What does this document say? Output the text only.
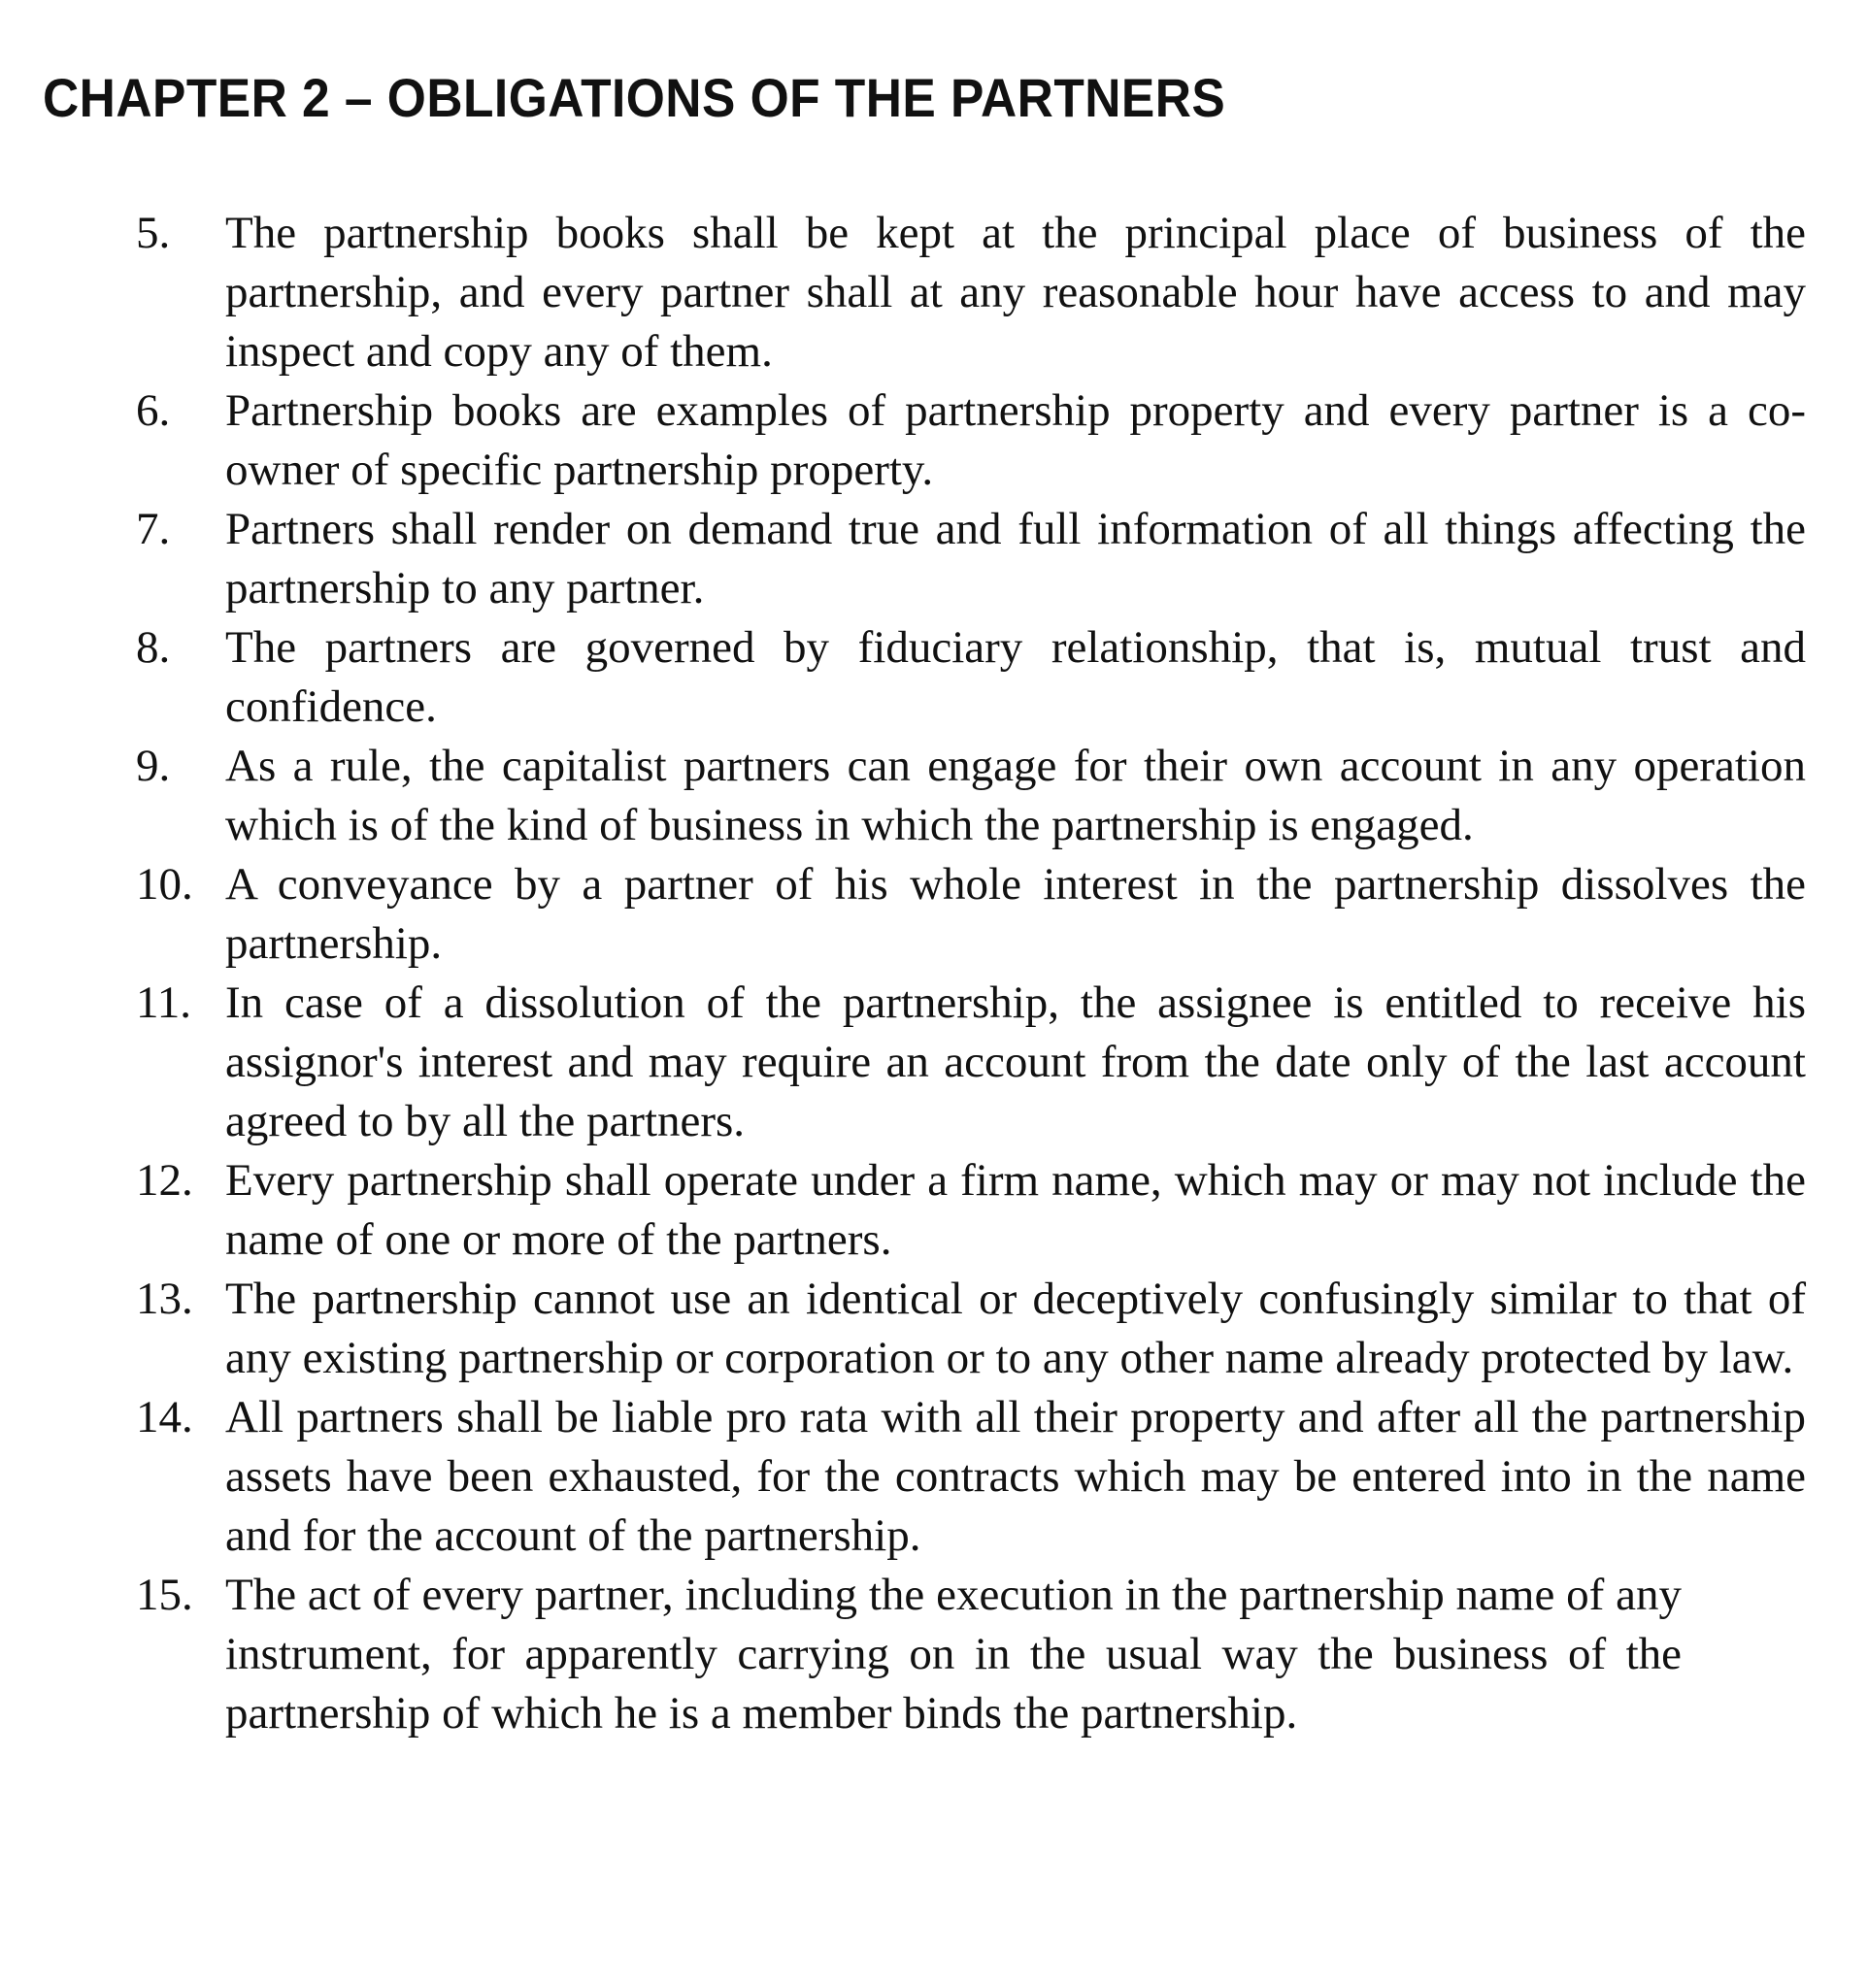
CHAPTER 2 – OBLIGATIONS OF THE PARTNERS
5.	The partnership books shall be kept at the principal place of business of the partnership, and every partner shall at any reasonable hour have access to and may inspect and copy any of them.
6.	Partnership books are examples of partnership property and every partner is a co-owner of specific partnership property.
7.	Partners shall render on demand true and full information of all things affecting the partnership to any partner.
8.	The partners are governed by fiduciary relationship, that is, mutual trust and confidence.
9.	As a rule, the capitalist partners can engage for their own account in any operation which is of the kind of business in which the partnership is engaged.
10. A conveyance by a partner of his whole interest in the partnership dissolves the partnership.
11. In case of a dissolution of the partnership, the assignee is entitled to receive his assignor's interest and may require an account from the date only of the last account agreed to by all the partners.
12. Every partnership shall operate under a firm name, which may or may not include the name of one or more of the partners.
13. The partnership cannot use an identical or deceptively confusingly similar to that of any existing partnership or corporation or to any other name already protected by law.
14. All partners shall be liable pro rata with all their property and after all the partnership assets have been exhausted, for the contracts which may be entered into in the name and for the account of the partnership.
15. The act of every partner, including the execution in the partnership name of any instrument, for apparently carrying on in the usual way the business of the partnership of which he is a member binds the partnership.
